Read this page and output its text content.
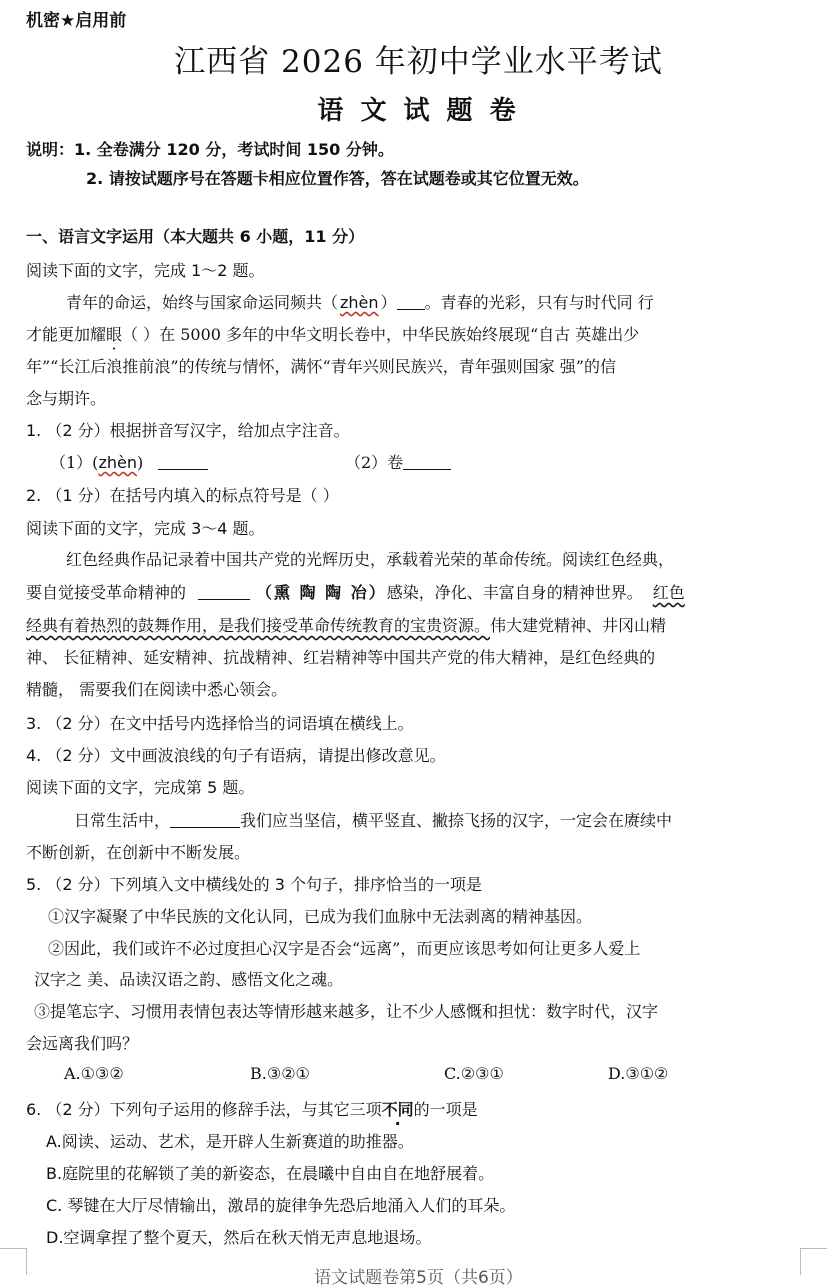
机密★启用前
江西省 2026 年初中学业水平考试
语 文 试 题 卷
说明：1. 全卷满分 120 分，考试时间 150 分钟。
2. 请按试题序号在答题卡相应位置作答，答在试题卷或其它位置无效。
一、语言文字运用（本大题共 6 小题，11 分）
阅读下面的文字，完成 1～2 题。
青年的命运，始终与国家命运同频共（ zhèn ） 。青春的光彩，只有与时代同 行
才能更加耀眼（ ）在 5000 多年的中华文明长卷中，中华民族始终展现“自古 英雄出少
年”“长江后浪推前浪”的传统与情怀，满怀“青年兴则民族兴，青年强则国家 强”的信
念与期许。
1. （2 分）根据拼音写汉字，给加点字注音。
（1）(zhèn)	（2）卷
2. （1 分）在括号内填入的标点符号是（ ）
阅读下面的文字，完成 3～4 题。
红色经典作品记录着中国共产党的光辉历史，承载着光荣的革命传统。阅读红色经典，
要自觉接受革命精神的	（熏 陶 陶 冶）感染，净化、丰富自身的精神世界。 红色
经典有着热烈的鼓舞作用，是我们接受革命传统教育的宝贵资源。伟大建党精神、井冈山精
神、 长征精神、延安精神、抗战精神、红岩精神等中国共产党的伟大精神，是红色经典的
精髓， 需要我们在阅读中悉心领会。
3. （2 分）在文中括号内选择恰当的词语填在横线上。
4. （2 分）文中画波浪线的句子有语病，请提出修改意见。
阅读下面的文字，完成第 5 题。
日常生活中，	我们应当坚信，横平竖直、撇捺飞扬的汉字，一定会在赓续中
不断创新，在创新中不断发展。
5. （2 分）下列填入文中横线处的 3 个句子，排序恰当的一项是
①汉字凝聚了中华民族的文化认同，已成为我们血脉中无法剥离的精神基因。
②因此，我们或许不必过度担心汉字是否会“远离”，而更应该思考如何让更多人爱上
汉字之 美、品读汉语之韵、感悟文化之魂。
③提笔忘字、习惯用表情包表达等情形越来越多，让不少人感慨和担忧：数字时代，汉字
会远离我们吗？
A.①③②	B.③②①	C.②③①	D.③①②
6. （2 分）下列句子运用的修辞手法，与其它三项不同的一项是
A.阅读、运动、艺术，是开辟人生新赛道的助推器。
B.庭院里的花解锁了美的新姿态，在晨曦中自由自在地舒展着。
C. 琴键在大厅尽情输出，激昂的旋律争先恐后地涌入人们的耳朵。
D.空调拿捏了整个夏天，然后在秋天悄无声息地退场。
语文试题卷第5页（共6页）
